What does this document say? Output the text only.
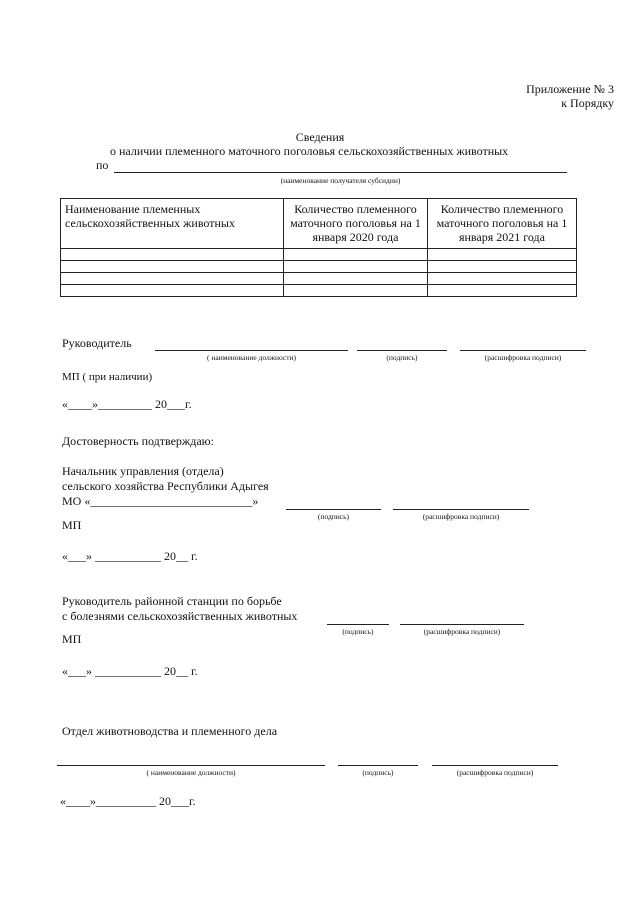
Приложение № 3
к Порядку
Сведения
о наличии племенного маточного поголовья сельскохозяйственных животных
по
(наименование получателя субсидии)
Наименование племенных сельскохозяйственных животных	Количество племенного маточного поголовья на 1 января 2020 года	Количество племенного маточного поголовья на 1 января 2021 года

Руководитель
( наименование должности)	(подпись)	(расшифровка подписи)
МП ( при наличии)
«____»_________ 20___г.
Достоверность подтверждаю:
Начальник управления (отдела)
сельского хозяйства Республики Адыгея
МО «___________________________»
(подпись)	(расшифровка подписи)
МП
«___» ___________ 20__ г.
Руководитель районной станции по борьбе
с болезнями сельскохозяйственных животных
(подпись)	(расшифровка подписи)
МП
«___» ___________ 20__ г.
Отдел животноводства и племенного дела
( наименование должности)	(подпись)	(расшифровка подписи)
«____»__________ 20___г.
